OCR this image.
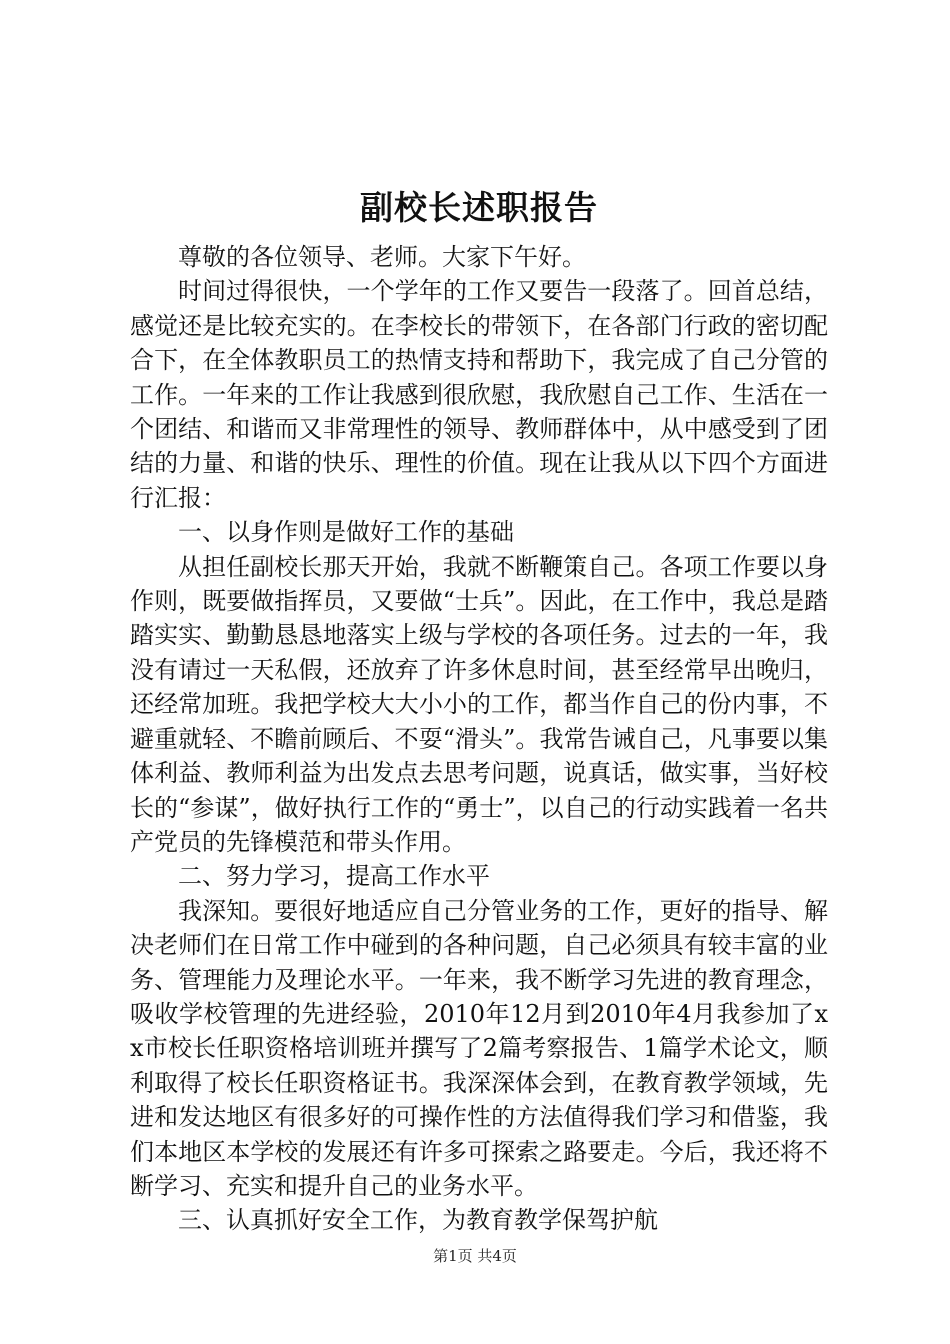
副校长述职报告

尊敬的各位领导、老师。大家下午好。

时间过得很快，一个学年的工作又要告一段落了。回首总结，感觉还是比较充实的。在李校长的带领下，在各部门行政的密切配合下，在全体教职员工的热情支持和帮助下，我完成了自己分管的工作。一年来的工作让我感到很欣慰，我欣慰自己工作、生活在一个团结、和谐而又非常理性的领导、教师群体中，从中感受到了团结的力量、和谐的快乐、理性的价值。现在让我从以下四个方面进行汇报：

一、以身作则是做好工作的基础

从担任副校长那天开始，我就不断鞭策自己。各项工作要以身作则，既要做指挥员，又要做“士兵”。因此，在工作中，我总是踏踏实实、勤勤恳恳地落实上级与学校的各项任务。过去的一年，我没有请过一天私假，还放弃了许多休息时间，甚至经常早出晚归，还经常加班。我把学校大大小小的工作，都当作自己的份内事，不避重就轻、不瞻前顾后、不耍“滑头”。我常告诫自己，凡事要以集体利益、教师利益为出发点去思考问题，说真话，做实事，当好校长的“参谋”，做好执行工作的“勇士”，以自己的行动实践着一名共产党员的先锋模范和带头作用。

二、努力学习，提高工作水平

我深知。要很好地适应自己分管业务的工作，更好的指导、解决老师们在日常工作中碰到的各种问题，自己必须具有较丰富的业务、管理能力及理论水平。一年来，我不断学习先进的教育理念，吸收学校管理的先进经验，2010年12月到2010年4月我参加了xx市校长任职资格培训班并撰写了2篇考察报告、1篇学术论文，顺利取得了校长任职资格证书。我深深体会到，在教育教学领域，先进和发达地区有很多好的可操作性的方法值得我们学习和借鉴，我们本地区本学校的发展还有许多可探索之路要走。今后，我还将不断学习、充实和提升自己的业务水平。

三、认真抓好安全工作，为教育教学保驾护航

第1页 共4页
